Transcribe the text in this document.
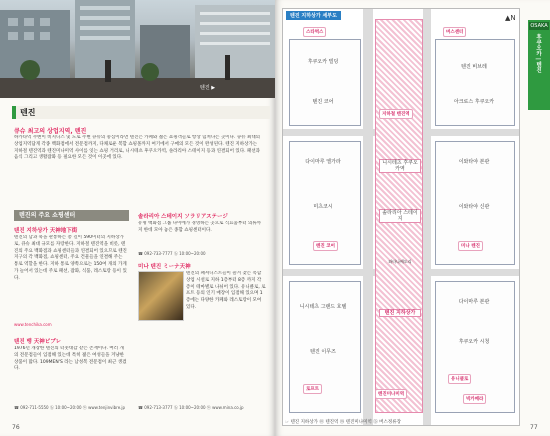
텐진 ▶
텐진
큐슈 최고의 상업지역, 텐진
하카타역 주변이 비지니스 및 도로 주변 큐슈의 중심이라면 텐진은 카페와 젊은 쇼핑객들로 항상 넘쳐나는 곳이다. 큐슈 최대의 상업지역답게 각종 백화점에서 전문점까지, 다채로운 복합 쇼핑몰까지 여기에서 구매의 모든 것이 완성된다. 텐진 지하상가는 지하철 텐진역과 텐진미나미역 사이를 잇는 쇼핑 거리로, 니시테츠 후쿠오카역, 솔라리아 스테이지 등과 연결되어 있다. 패션과 음식 그리고 생활잡화 등 필요한 모든 것이 이곳에 있다.
텐진의 주요 쇼핑센터
텐진 지하상가 天神地下街
텐진의 남과 북을 관통하는 총 길이 590미터의 지하상가로, 큐슈 최대 규모를 자랑한다. 지하철 텐진역을 비롯, 텐진의 주요 백화점과 쇼핑센터들과 연결되어 있으므로 텐진 지구의 각 백화점, 쇼핑센터, 주요 건물들을 연결해 주는 통로 역할을 한다. 지하 통로 양쪽으로는 150여 개의 가게가 늘어서 있는데 주로 패션, 잡화, 식품, 레스토랑 등이 있다.
www.tenchika.com
텐진 뱅 天神ビブレ
1976년 개장한 텐진의 터줏대감 같은 존재이다. 여러 개의 전문점들이 입점해 있는데 특히 젊은 여성들을 겨냥한 상품이 많다. 109MEN'S 라는 남성복 전문점이 최근 생겼다.
☎ 092-711-5550 ⓗ 10:00~20:00 ⓦ www.tenjinvibre.jp
솔라리아 스테이지 ソラリアステージ
유명 백화점 그룹 다이에가 경영하는 곳으로 식료품부터 의류까지 한데 모아 놓은 종합 쇼핑센터이다.
☎ 092-733-7777 ⓗ 10:00~20:00
미나 텐진 ミーナ天神
텐진의 패셔니스트들이 즐겨 찾는 복합 상업 시설로 지하 1층부터 8층 까지 각 층이 테마별로 나뉘어 있다. 유니클로, 로프트 등의 인기 매장이 입점해 있으며 1층에는 다양한 카페와 레스토랑이 모여 있다.
☎ 092-713-3777 ⓗ 10:00~20:00 ⓦ www.mina.co.jp
76
후쿠오카 빌딩
텐진 코어
다이마루 엘가라
미츠코시
솔라리아 스테이지
니시테츠 후쿠오카역
텐진 지하상가
이와타야 본관
이와타야 신관
텐진 비브레
아크로스 후쿠오카
니시테츠 그랜드 호텔
텐진 이무즈
다이마루 본관
후쿠오카 시청
스타벅스	버스센터
텐진 코어	미나 텐진
로프트
유니클로
빅카메라
지하철 텐진역
텐진미나미역
와타나베도리
텐진 지하상가 세부도	▲N
OSAKA
후쿠오카 | 텐진
☞ 텐진 지하상가 ⓜ 텐진역 ⓜ 텐진미나미역 ⓑ 버스정류장
77
